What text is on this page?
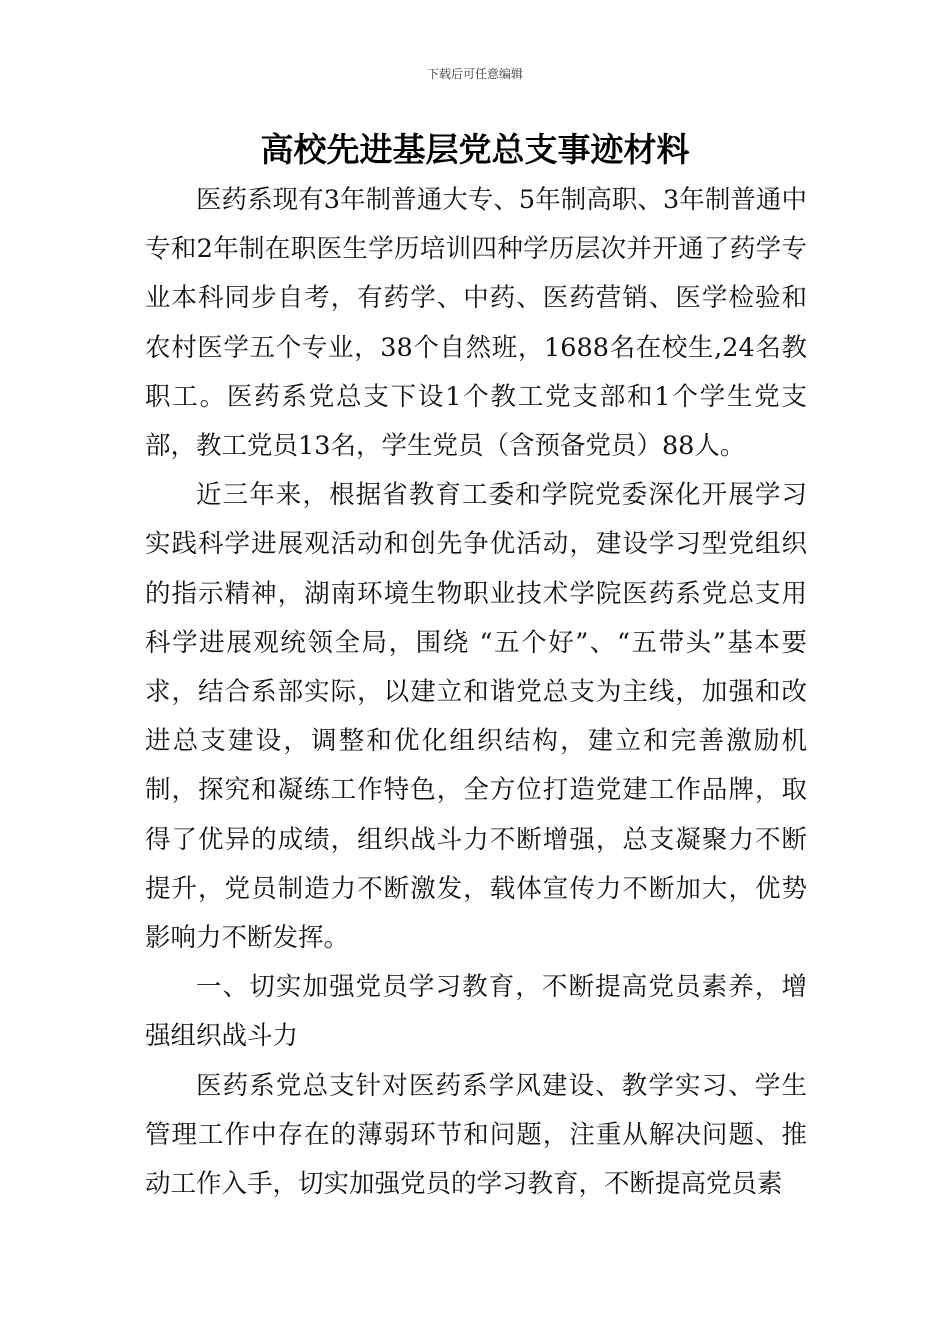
下载后可任意编辑
高校先进基层党总支事迹材料

医药系现有3年制普通大专、5年制高职、3年制普通中专和2年制在职医生学历培训四种学历层次并开通了药学专业本科同步自考，有药学、中药、医药营销、医学检验和农村医学五个专业，38个自然班，1688名在校生,24名教职工。医药系党总支下设1个教工党支部和1个学生党支部，教工党员13名，学生党员（含预备党员）88人。

近三年来，根据省教育工委和学院党委深化开展学习实践科学进展观活动和创先争优活动，建设学习型党组织的指示精神，湖南环境生物职业技术学院医药系党总支用科学进展观统领全局，围绕 “五个好”、“五带头”基本要求，结合系部实际，以建立和谐党总支为主线，加强和改进总支建设，调整和优化组织结构，建立和完善激励机制，探究和凝练工作特色，全方位打造党建工作品牌，取得了优异的成绩，组织战斗力不断增强，总支凝聚力不断提升，党员制造力不断激发，载体宣传力不断加大，优势影响力不断发挥。

一、切实加强党员学习教育，不断提高党员素养，增强组织战斗力

医药系党总支针对医药系学风建设、教学实习、学生管理工作中存在的薄弱环节和问题，注重从解决问题、推动工作入手，切实加强党员的学习教育，不断提高党员素
